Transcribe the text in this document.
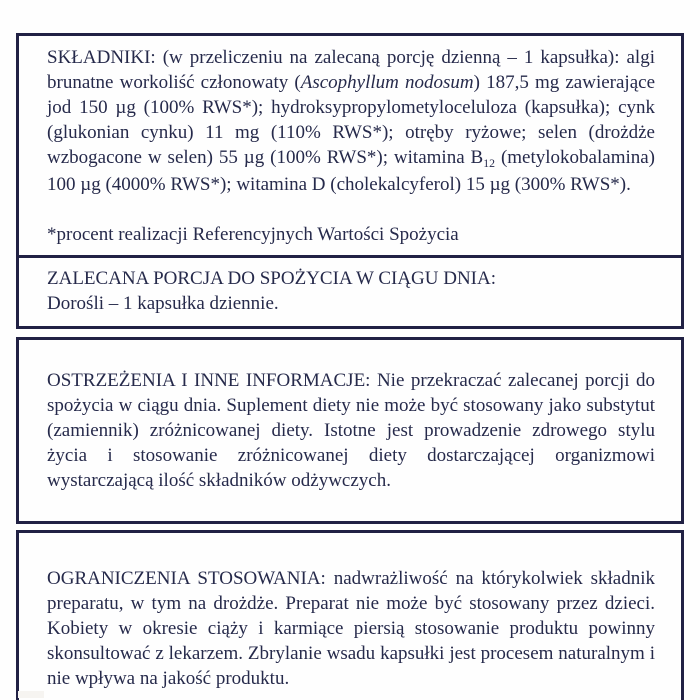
SKŁADNIKI: (w przeliczeniu na zalecaną porcję dzienną – 1 kapsułka): algi brunatne workoliść członowaty (Ascophyllum nodosum) 187,5 mg zawierające jod 150 µg (100% RWS*); hydroksypropylometyloceluloza (kapsułka); cynk (glukonian cynku) 11 mg (110% RWS*); otręby ryżowe; selen (drożdże wzbogacone w selen) 55 µg (100% RWS*); witamina $B_{12}$ (metylokobalamina) 100 µg (4000% RWS*); witamina D (cholekalcyferol) 15 µg (300% RWS*).

*procent realizacji Referencyjnych Wartości Spożycia

ZALECANA PORCJA DO SPOŻYCIA W CIĄGU DNIA:

Dorośli – 1 kapsułka dziennie.

OSTRZEŻENIA I INNE INFORMACJE: Nie przekraczać zalecanej porcji do spożycia w ciągu dnia. Suplement diety nie może być stosowany jako substytut (zamiennik) zróżnicowanej diety. Istotne jest prowadzenie zdrowego stylu życia i stosowanie zróżnicowanej diety dostarczającej organizmowi wystarczającą ilość składników odżywczych.

OGRANICZENIA STOSOWANIA: nadwrażliwość na którykolwiek składnik preparatu, w tym na drożdże. Preparat nie może być stosowany przez dzieci. Kobiety w okresie ciąży i karmiące piersią stosowanie produktu powinny skonsultować z lekarzem. Zbrylanie wsadu kapsułki jest procesem naturalnym i nie wpływa na jakość produktu.
